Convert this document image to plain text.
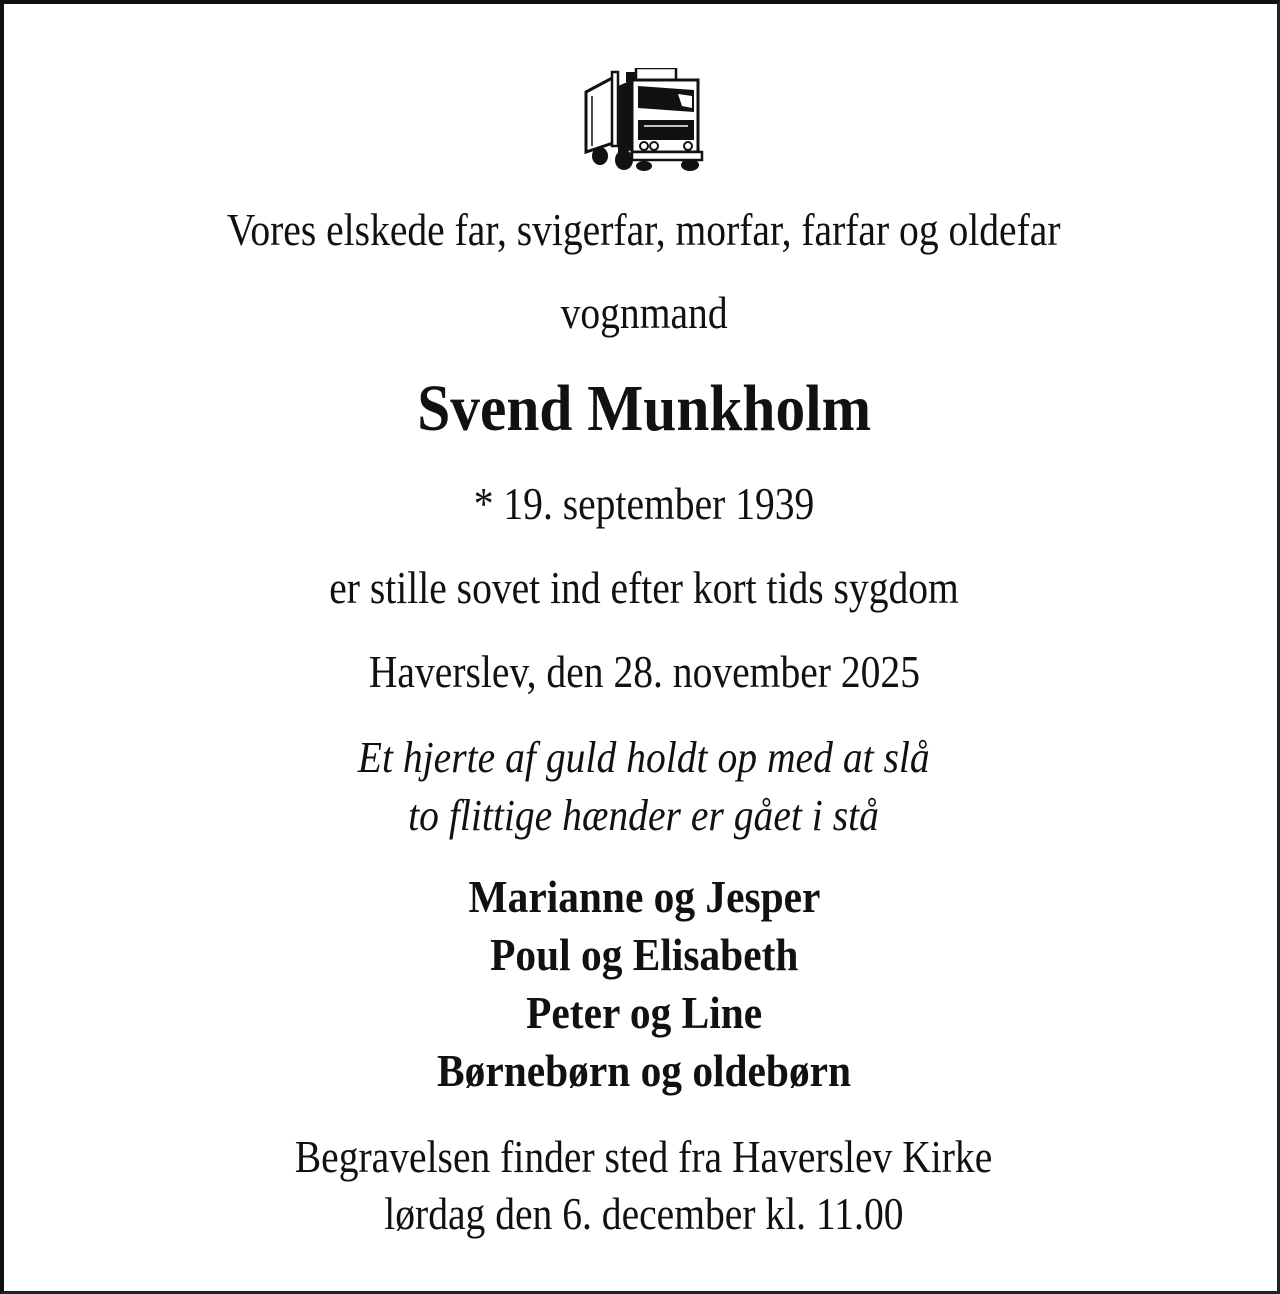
Vores elskede far, svigerfar, morfar, farfar og oldefar
vognmand
Svend Munkholm
* 19. september 1939
er stille sovet ind efter kort tids sygdom
Haverslev, den 28. november 2025
Et hjerte af guld holdt op med at slå
to flittige hænder er gået i stå
Marianne og Jesper
Poul og Elisabeth
Peter og Line
Børnebørn og oldebørn
Begravelsen finder sted fra Haverslev Kirke
lørdag den 6. december kl. 11.00
